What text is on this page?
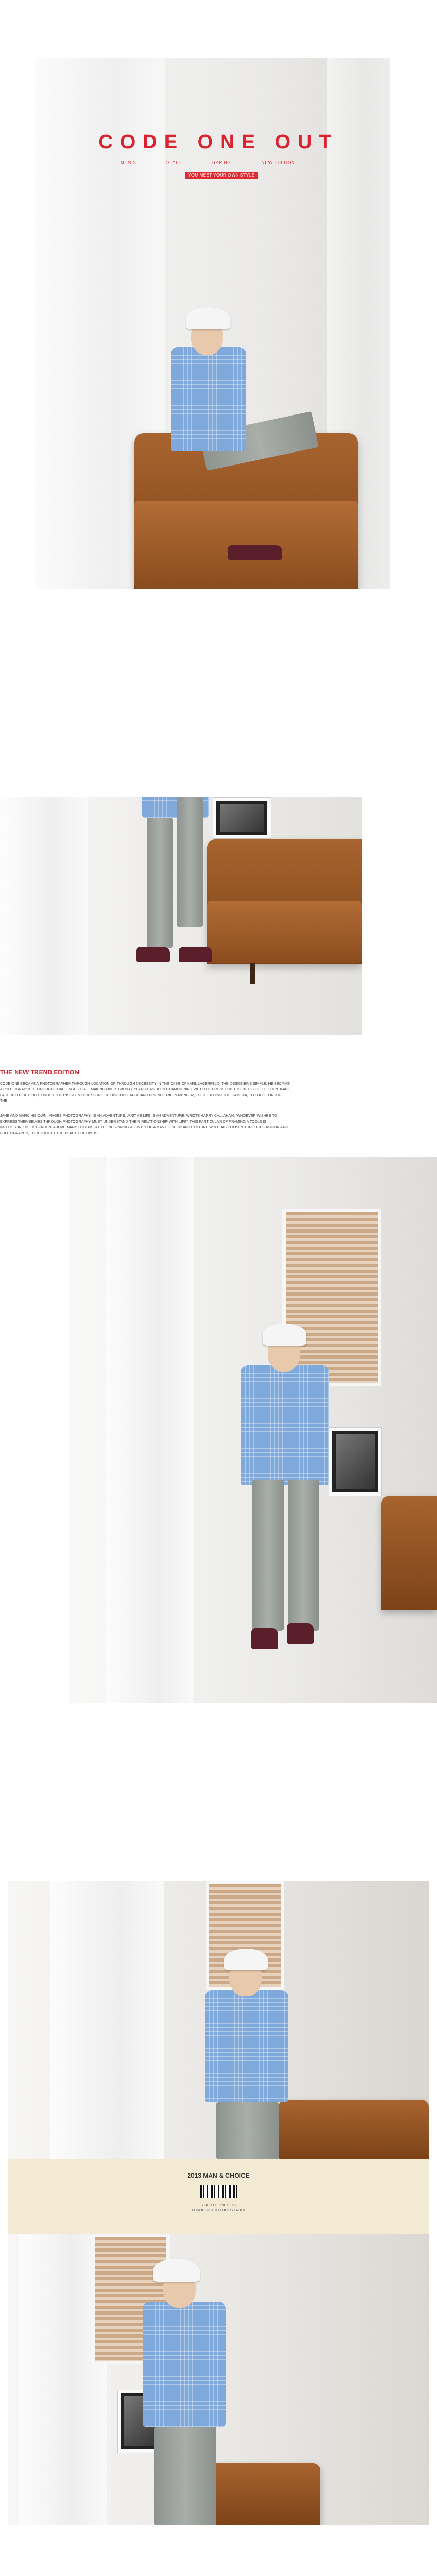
CODE ONE OUT
MEN'S	STYLE	SPRING	NEW EDITION
YOU MEET YOUR OWN STYLE
THE NEW TREND EDITION
CODE ONE BECAME A PHOTOGRAPHER THROUGH LOCATION OF THROUGH NECESSITY IN THE CASE OF KARL LAGERFELD. THE DESIGNER'S SIMPLE. HE BECAME A PHOTOGRAPHER THROUGH CHALLENGE TO ALL MAKING OVER TWENTY YEARS HAS BEEN CHAMPIONING WITH THE PRESS PHOTOS OF HIS COLLECTION. KARL LAGERFELD DECIDED, UNDER THE INSISTENT PRESSURE OF HIS COLLEAGUE AND FRIEND ERIC PFRUNDER, TO GO BEHIND THE CAMERA, TO LOOK THROUGH THE
JANE AND MARC HIS OWN IMAGES PHOTOGRAPHY. IS AN ADVENTURE, JUST AS LIFE IS AN ADVENTURE, WROTE HARRY CALLAHAN. "WHOEVER WISHES TO EXPRESS THEMSELVES THROUGH PHOTOGRAPHY MUST UNDERSTAND THEIR RELATIONSHIP WITH LIFE". THIS PARTICULAR OF FRAMING A TOOLS IS INTERESTING ILLUSTRATION: ABOVE MANY OTHERS, AT THE BEGINNING ACTIVITY OF A MAN OF SHOP AND CULTURE WHO HAS CHOSEN THROUGH FASHION AND PHOTOGRAPHY, TO HIGHLIGHT THE BEAUTY OF LIMBS
2013 MAN & CHOICE
YOUR OLD NEXT IS
THROUGH YOU LOOKS TRULY
